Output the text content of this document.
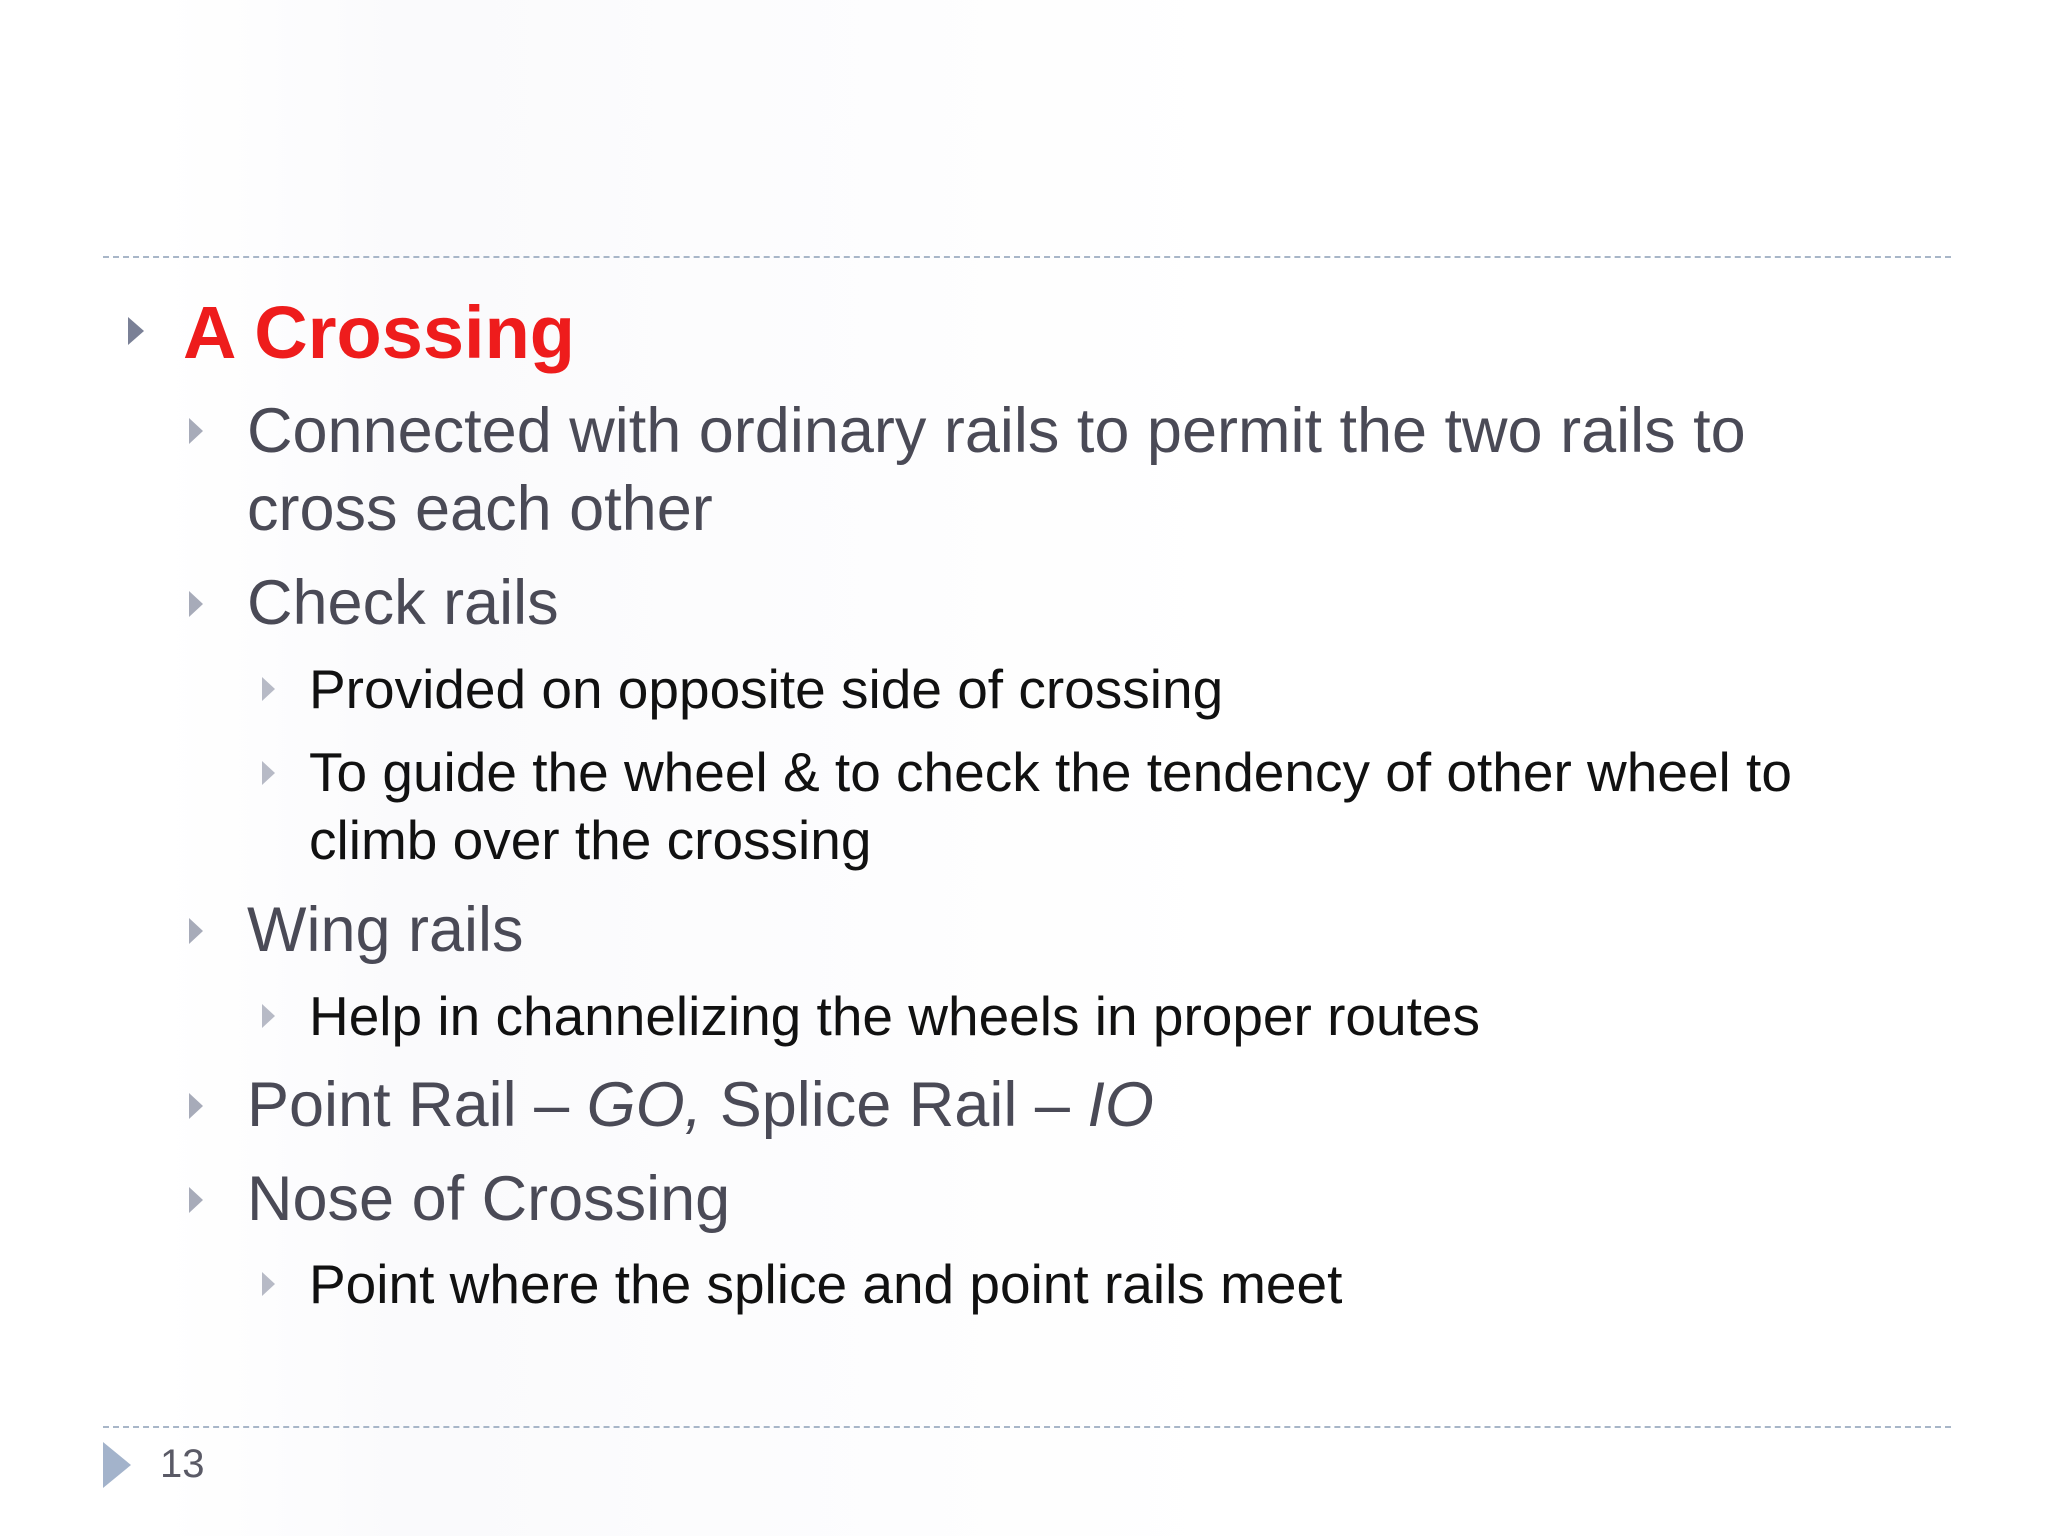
A Crossing
Connected with ordinary rails to permit the two rails to
cross each other
Check rails
Provided on opposite side of crossing
To guide the wheel & to check the tendency of other wheel to
climb over the crossing
Wing rails
Help in channelizing the wheels in proper routes
Point Rail – GO, Splice Rail – IO
Nose of Crossing
Point where the splice and point rails meet
13
